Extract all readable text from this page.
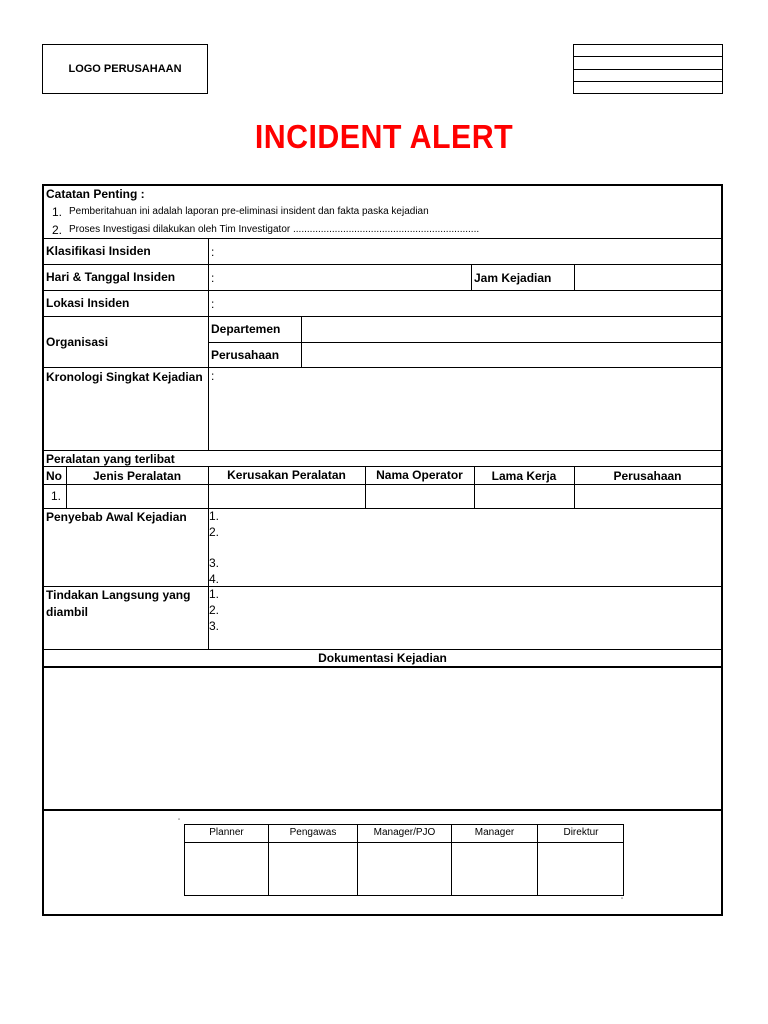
LOGO PERUSAHAAN
INCIDENT ALERT
Catatan Penting :
1. Pemberitahuan ini adalah laporan pre-eliminasi insident dan fakta paska kejadian
2. Proses Investigasi dilakukan oleh Tim Investigator ...................................................................
Klasifikasi Insiden	:
Hari & Tanggal Insiden	:	Jam Kejadian
Lokasi Insiden	:
Organisasi
Departemen
Perusahaan
Kronologi Singkat Kejadian :
Peralatan yang terlibat
No	Jenis Peralatan	Kerusakan Peralatan	Nama Operator	Lama Kerja	Perusahaan
1.
Penyebab Awal Kejadian 1.
2.
3.
4.
Tindakan Langsung yang
diambil
1.
2.
3.
Dokumentasi Kejadian
▫
Planner	Pengawas	Manager/PJO	Manager	Direktur
▫
